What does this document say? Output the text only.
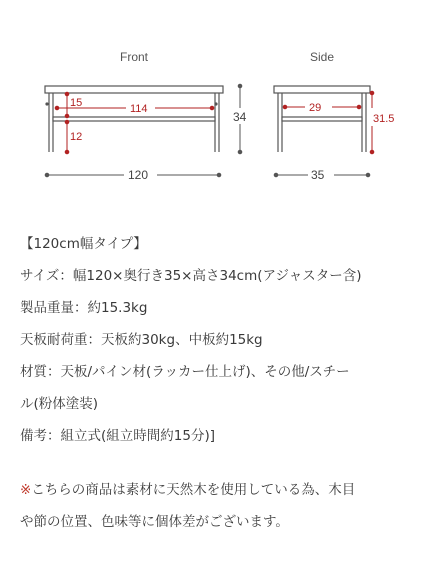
Front	Side
15	114
12
34
120
29
31.5
35
【120cm幅タイプ】
サイズ：幅120×奥行き35×高さ34cm(アジャスター含)
製品重量：約15.3kg
天板耐荷重：天板約30kg、中板約15kg
材質：天板/パイン材(ラッカー仕上げ)、その他/スチー
ル(粉体塗装)
備考：組立式(組立時間約15分)]
※こちらの商品は素材に天然木を使用している為、木目
や節の位置、色味等に個体差がございます。
